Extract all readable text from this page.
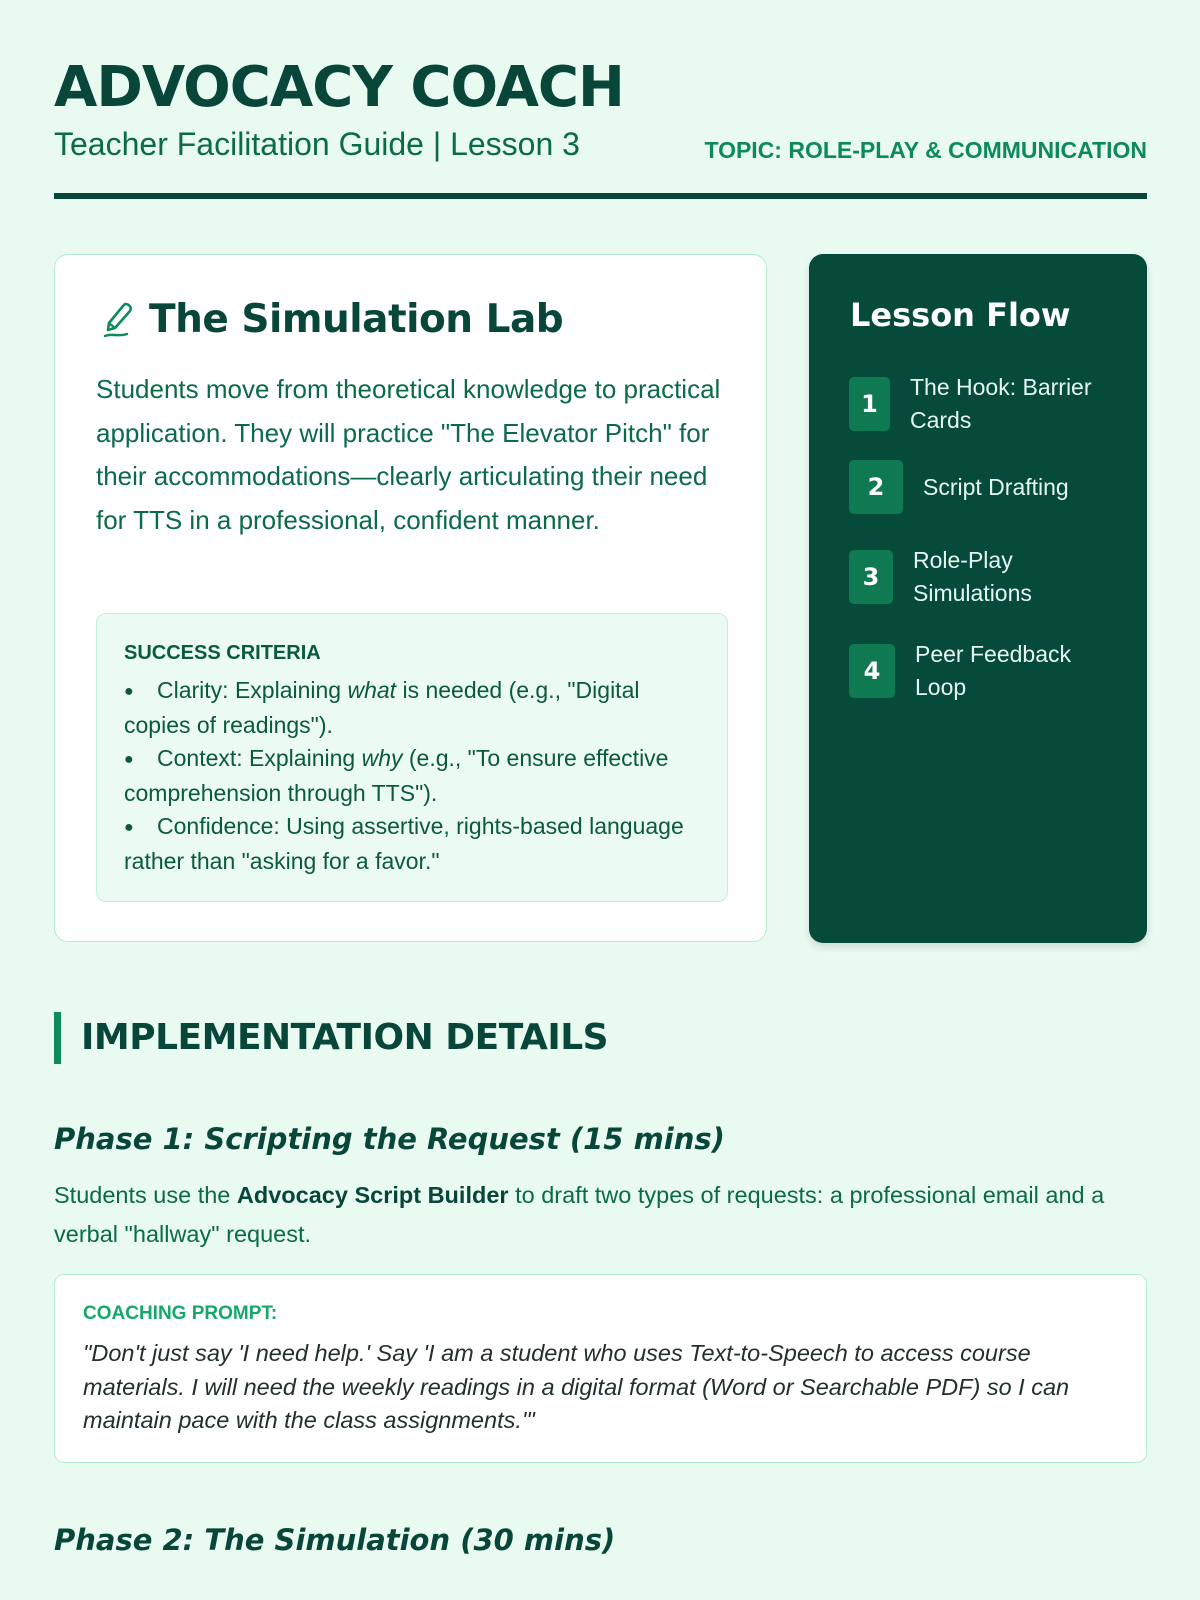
ADVOCACY COACH
Teacher Facilitation Guide | Lesson 3	TOPIC: ROLE-PLAY & COMMUNICATION
The Simulation Lab

Students move from theoretical knowledge to practical application. They will practice "The Elevator Pitch" for their accommodations—clearly articulating their need for TTS in a professional, confident manner.

SUCCESS CRITERIA
● Clarity: Explaining what is needed (e.g., "Digital copies of readings").
● Context: Explaining why (e.g., "To ensure effective comprehension through TTS").
● Confidence: Using assertive, rights-based language rather than "asking for a favor."
Lesson Flow
1
The Hook: Barrier Cards
2	Script Drafting
3
Role-Play Simulations
4
Peer Feedback Loop
IMPLEMENTATION DETAILS
Phase 1: Scripting the Request (15 mins)

Students use the Advocacy Script Builder to draft two types of requests: a professional email and a verbal "hallway" request.

COACHING PROMPT:
"Don't just say 'I need help.' Say 'I am a student who uses Text-to-Speech to access course materials. I will need the weekly readings in a digital format (Word or Searchable PDF) so I can maintain pace with the class assignments.'"
Phase 2: The Simulation (30 mins)
